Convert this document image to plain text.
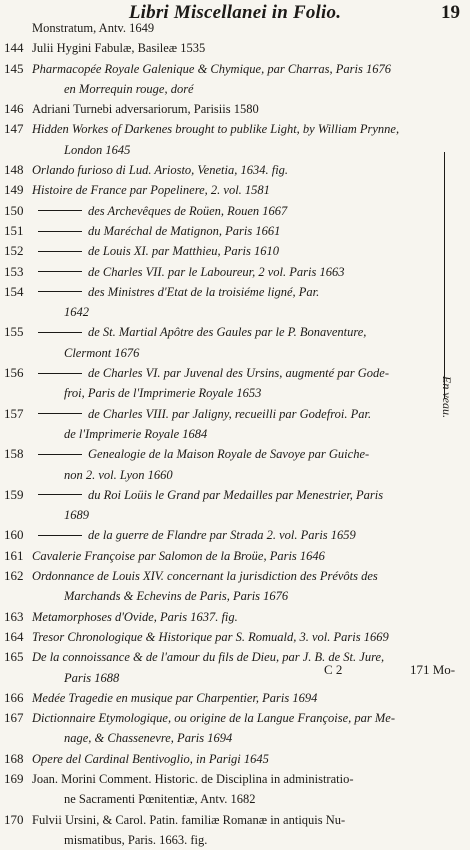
Libri Miscellanei in Folio.	19
Monstratum, Antv. 1649
144 Julii Hygini Fabulæ, Basileæ 1535
145 Pharmacopée Royale Galenique & Chymique, par Charras, Paris 1676
en Morrequin rouge, doré
146 Adriani Turnebi adversariorum, Parisiis 1580
147 Hidden Workes of Darkenes brought to publike Light, by William Prynne,
London 1645
148 Orlando furioso di Lud. Ariosto, Venetia, 1634. fig.
149 Histoire de France par Popelinere, 2. vol. 1581
150	des Archevêques de Roüen, Rouen 1667
151	du Maréchal de Matignon, Paris 1661
152	de Louis XI. par Matthieu, Paris 1610
153	de Charles VII. par le Laboureur, 2 vol. Paris 1663
154	des Ministres d'Etat de la troisiéme ligné, Par.
1642
155	de St. Martial Apôtre des Gaules par le P. Bonaventure,
Clermont 1676
156	de Charles VI. par Juvenal des Ursins, augmenté par Gode-
froi, Paris de l'Imprimerie Royale 1653
157	de Charles VIII. par Jaligny, recueilli par Godefroi. Par.
de l'Imprimerie Royale 1684
158	Genealogie de la Maison Royale de Savoye par Guiche-
non 2. vol. Lyon 1660
159	du Roi Loüis le Grand par Medailles par Menestrier, Paris
1689
160	de la guerre de Flandre par Strada 2. vol. Paris 1659
161 Cavalerie Françoise par Salomon de la Broüe, Paris 1646
162 Ordonnance de Louis XIV. concernant la jurisdiction des Prévôts des
Marchands & Echevins de Paris, Paris 1676
163 Metamorphoses d'Ovide, Paris 1637. fig.
164 Tresor Chronologique & Historique par S. Romuald, 3. vol. Paris 1669
165 De la connoissance & de l'amour du fils de Dieu, par J. B. de St. Jure,
Paris 1688
166 Medée Tragedie en musique par Charpentier, Paris 1694
167 Dictionnaire Etymologique, ou origine de la Langue Françoise, par Me-
nage, & Chassenevre, Paris 1694
168 Opere del Cardinal Bentivoglio, in Parigi 1645
169 Joan. Morini Comment. Historic. de Disciplina in administratio-
ne Sacramenti Pœnitentiæ, Antv. 1682
170 Fulvii Ursini, & Carol. Patin. familiæ Romanæ in antiquis Nu-
mismatibus, Paris. 1663. fig.
En veau.
C 2	171 Mo-
